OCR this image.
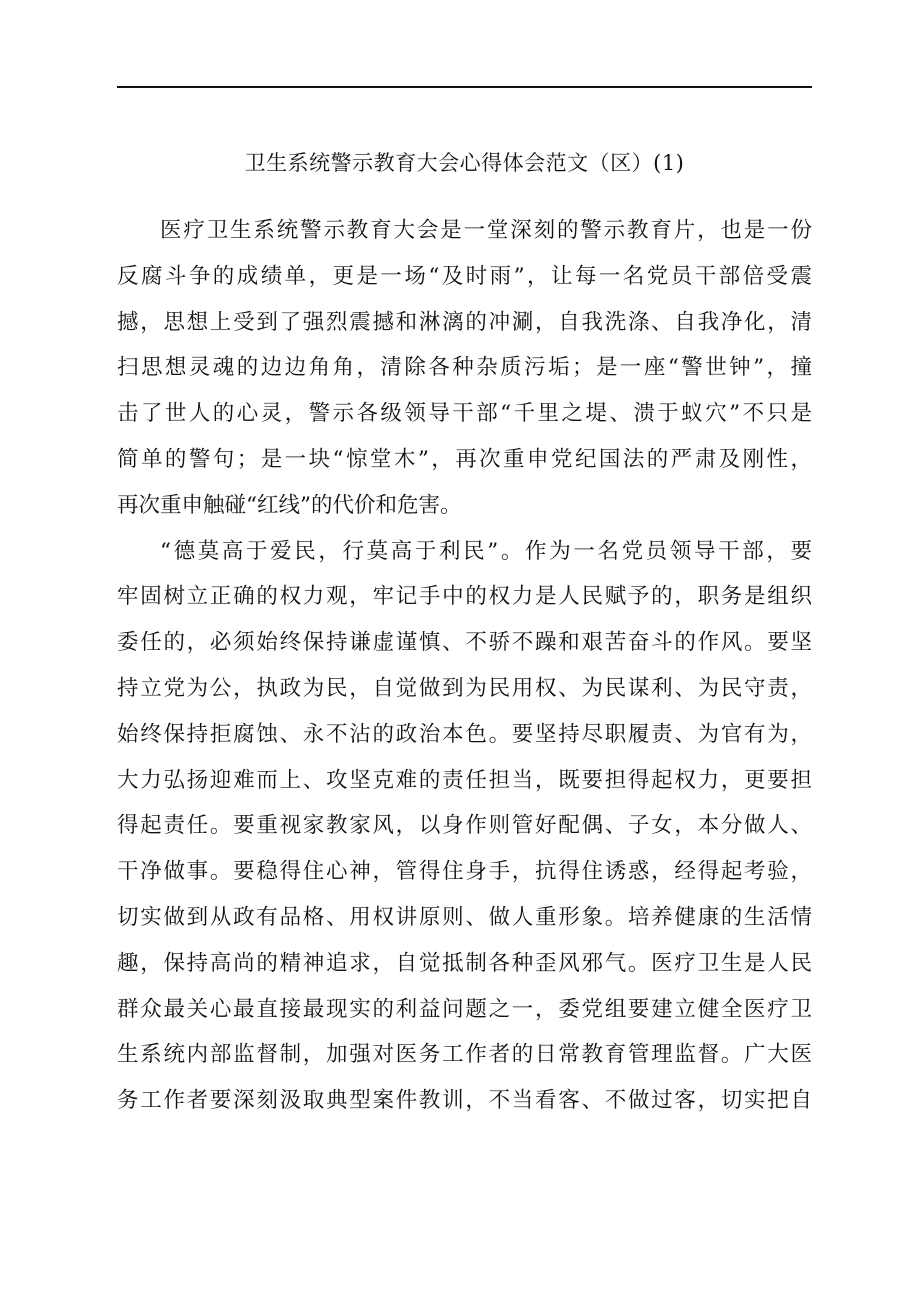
卫生系统警示教育大会心得体会范文（区）(1)
医疗卫生系统警示教育大会是一堂深刻的警示教育片，也是一份
反腐斗争的成绩单，更是一场“及时雨”，让每一名党员干部倍受震
撼，思想上受到了强烈震撼和淋漓的冲涮，自我洗涤、自我净化，清
扫思想灵魂的边边角角，清除各种杂质污垢；是一座“警世钟”，撞
击了世人的心灵，警示各级领导干部“千里之堤、溃于蚁穴”不只是
简单的警句；是一块“惊堂木”，再次重申党纪国法的严肃及刚性，
再次重申触碰“红线”的代价和危害。
“德莫高于爱民，行莫高于利民”。作为一名党员领导干部，要
牢固树立正确的权力观，牢记手中的权力是人民赋予的，职务是组织
委任的，必须始终保持谦虚谨慎、不骄不躁和艰苦奋斗的作风。要坚
持立党为公，执政为民，自觉做到为民用权、为民谋利、为民守责，
始终保持拒腐蚀、永不沾的政治本色。要坚持尽职履责、为官有为，
大力弘扬迎难而上、攻坚克难的责任担当，既要担得起权力，更要担
得起责任。要重视家教家风，以身作则管好配偶、子女，本分做人、
干净做事。要稳得住心神，管得住身手，抗得住诱惑，经得起考验，
切实做到从政有品格、用权讲原则、做人重形象。培养健康的生活情
趣，保持高尚的精神追求，自觉抵制各种歪风邪气。医疗卫生是人民
群众最关心最直接最现实的利益问题之一，委党组要建立健全医疗卫
生系统内部监督制，加强对医务工作者的日常教育管理监督。广大医
务工作者要深刻汲取典型案件教训，不当看客、不做过客，切实把自
